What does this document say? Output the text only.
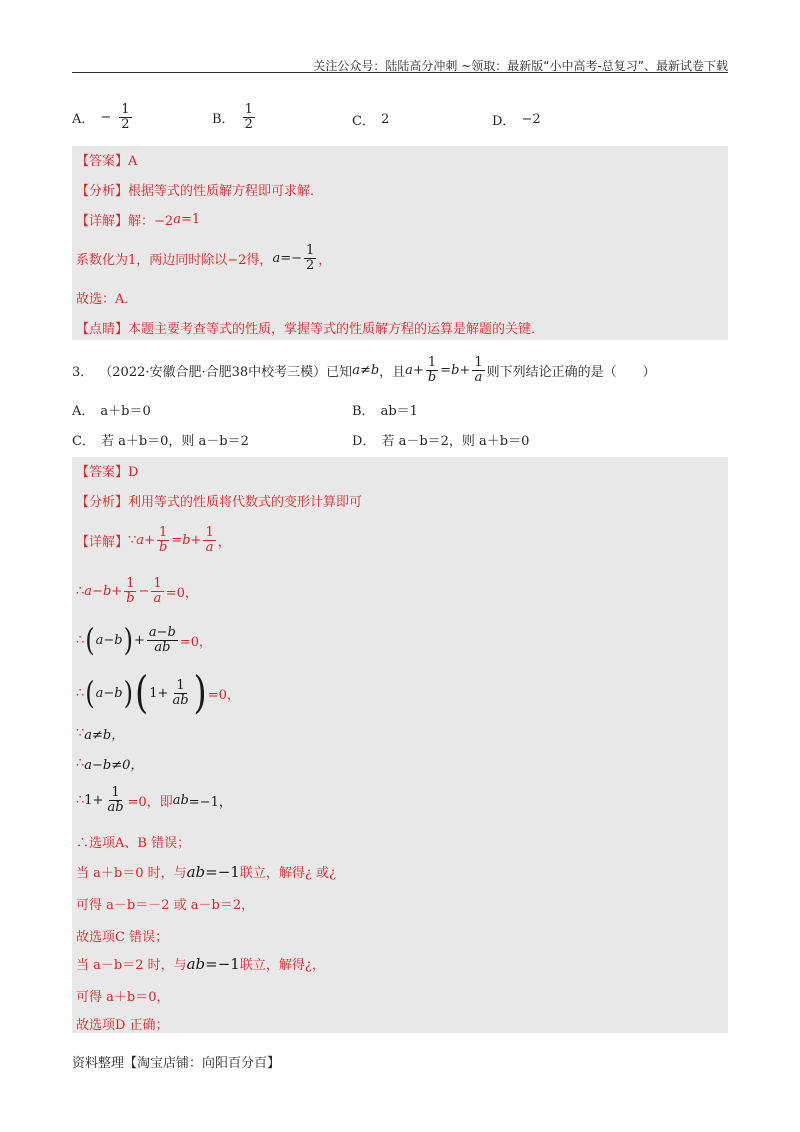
关注公众号：陆陆高分冲刺 ~领取：最新版“小中高考-总复习”、最新试卷下载
A． − $\frac{1}{2}$	B． $\frac{1}{2}$	C． 2	D． −2
【答案】A
【分析】根据等式的性质解方程即可求解．
【详解】 解：−2 a =1
系数化为1，两边同时除以−2得， $a =- \frac{1}{2}$ ，
故选：A．
【点睛】本题主要考查等式的性质，掌握等式的性质解方程的运算是解题的关键．
3． （2022·安徽合肥·合肥38中校考三模）已知 a≠b ，且 $a + \frac{1}{b} = b + \frac{1}{a}$ 则下列结论正确的是（　　）
A． a＋b＝0	B． ab＝1
C． 若 a＋b＝0，则 a－b＝2	D． 若 a－b＝2，则 a＋b＝0
【答案】D
【分析】利用等式的性质将代数式的变形计算即可
【详解】 ∵ $a + \frac{1}{b} = b + \frac{1}{a}$ ，
∴ $a - b + \frac{1}{b} - \frac{1}{a} =0$，
∴ ( a−b ) + $\frac{a-b}{ab} =0$，
∴ ( a−b ) ( $1+ \frac{1}{ab}$ ) =0，
∵ a≠b，
∴ a−b≠0，
∴ $1+ \frac{1}{ab} =0$，即 ab =−1，
∴选项A、B 错误；
当 a＋b＝0 时，与 ab =−1 联立，解得¿ 或¿
可得 a－b＝－2 或 a－b＝2，
故选项C 错误；
当 a－b＝2 时，与 ab =−1 联立，解得¿，
可得 a＋b＝0，
故选项D 正确；
资料整理【淘宝店铺：向阳百分百】
